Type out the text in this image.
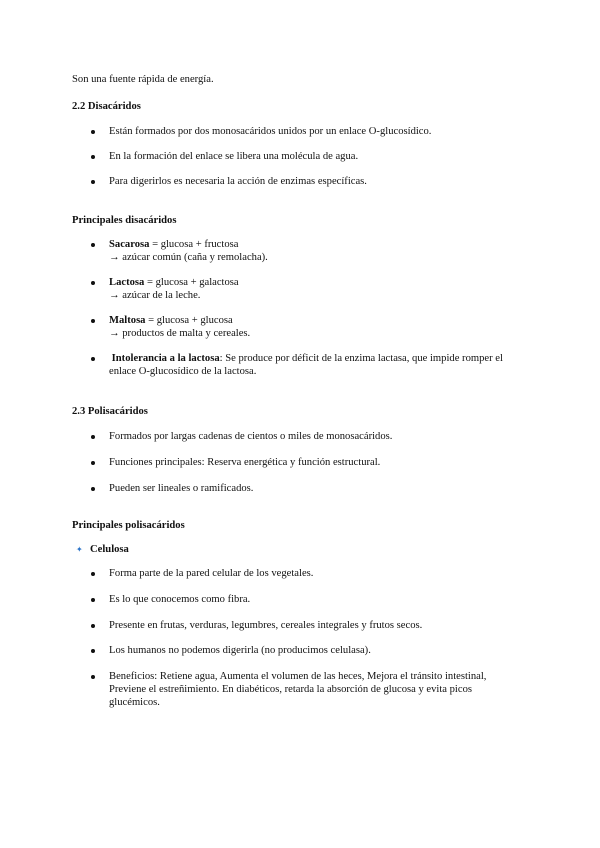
Son una fuente rápida de energía.
2.2 Disacáridos
Están formados por dos monosacáridos unidos por un enlace O-glucosídico.
En la formación del enlace se libera una molécula de agua.
Para digerirlos es necesaria la acción de enzimas específicas.
Principales disacáridos
Sacarosa = glucosa + fructosa
→ azúcar común (caña y remolacha).
Lactosa = glucosa + galactosa
→ azúcar de la leche.
Maltosa = glucosa + glucosa
→ productos de malta y cereales.
Intolerancia a la lactosa: Se produce por déficit de la enzima lactasa, que impide romper el
enlace O-glucosídico de la lactosa.
2.3 Polisacáridos
Formados por largas cadenas de cientos o miles de monosacáridos.
Funciones principales: Reserva energética y función estructural.
Pueden ser lineales o ramificados.
Principales polisacáridos
✦ Celulosa
Forma parte de la pared celular de los vegetales.
Es lo que conocemos como fibra.
Presente en frutas, verduras, legumbres, cereales integrales y frutos secos.
Los humanos no podemos digerirla (no producimos celulasa).
Beneficios: Retiene agua, Aumenta el volumen de las heces, Mejora el tránsito intestinal,
Previene el estreñimiento. En diabéticos, retarda la absorción de glucosa y evita picos
glucémicos.
